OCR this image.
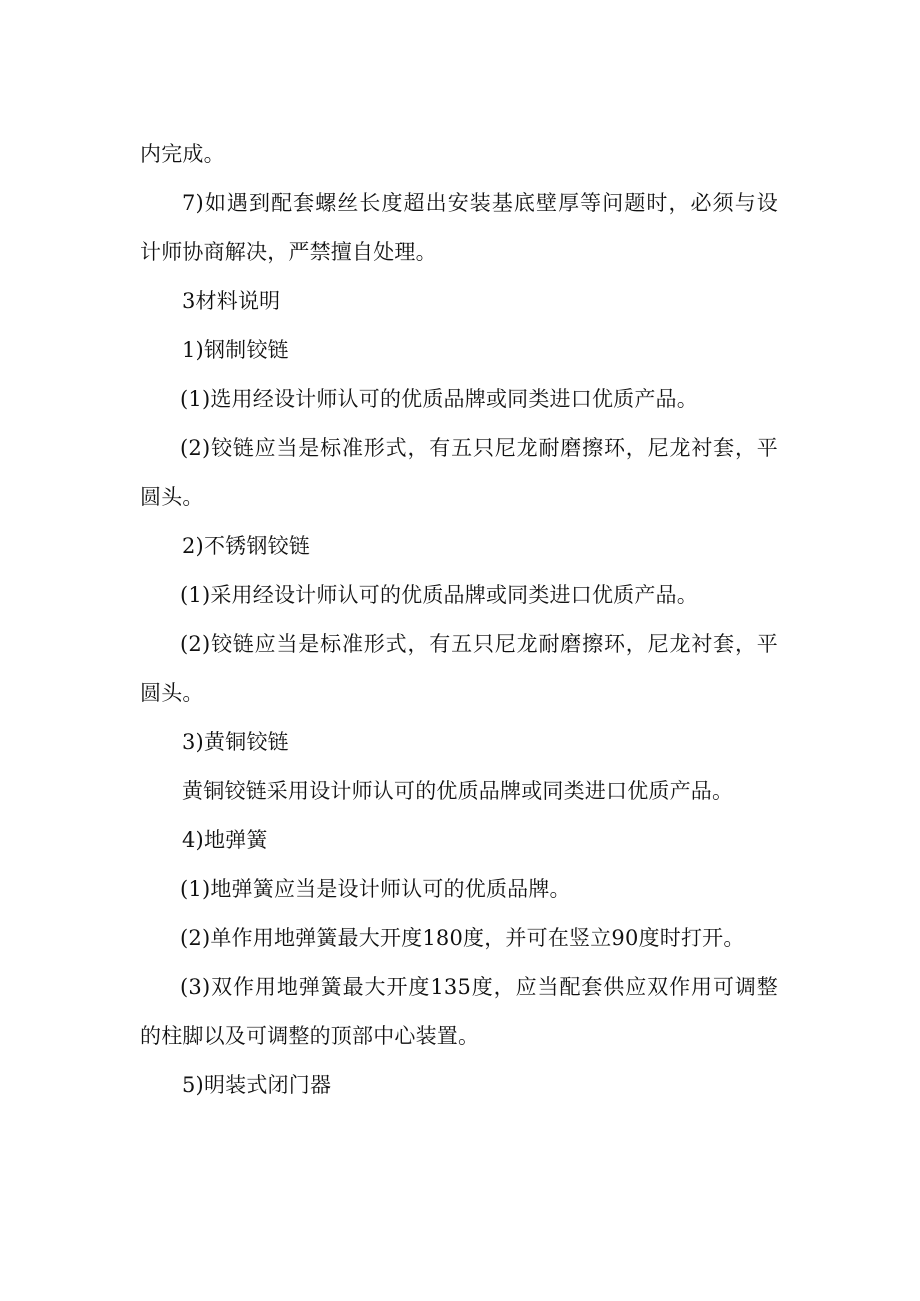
内完成。
7)如遇到配套螺丝长度超出安装基底壁厚等问题时，必须与设
计师协商解决，严禁擅自处理。
3材料说明
1)钢制铰链
(1)选用经设计师认可的优质品牌或同类进口优质产品。
(2)铰链应当是标准形式，有五只尼龙耐磨擦环，尼龙衬套，平
圆头。
2)不锈钢铰链
(1)采用经设计师认可的优质品牌或同类进口优质产品。
(2)铰链应当是标准形式，有五只尼龙耐磨擦环，尼龙衬套，平
圆头。
3)黄铜铰链
黄铜铰链采用设计师认可的优质品牌或同类进口优质产品。
4)地弹簧
(1)地弹簧应当是设计师认可的优质品牌。
(2)单作用地弹簧最大开度180度，并可在竖立90度时打开。
(3)双作用地弹簧最大开度135度，应当配套供应双作用可调整
的柱脚以及可调整的顶部中心装置。
5)明装式闭门器
